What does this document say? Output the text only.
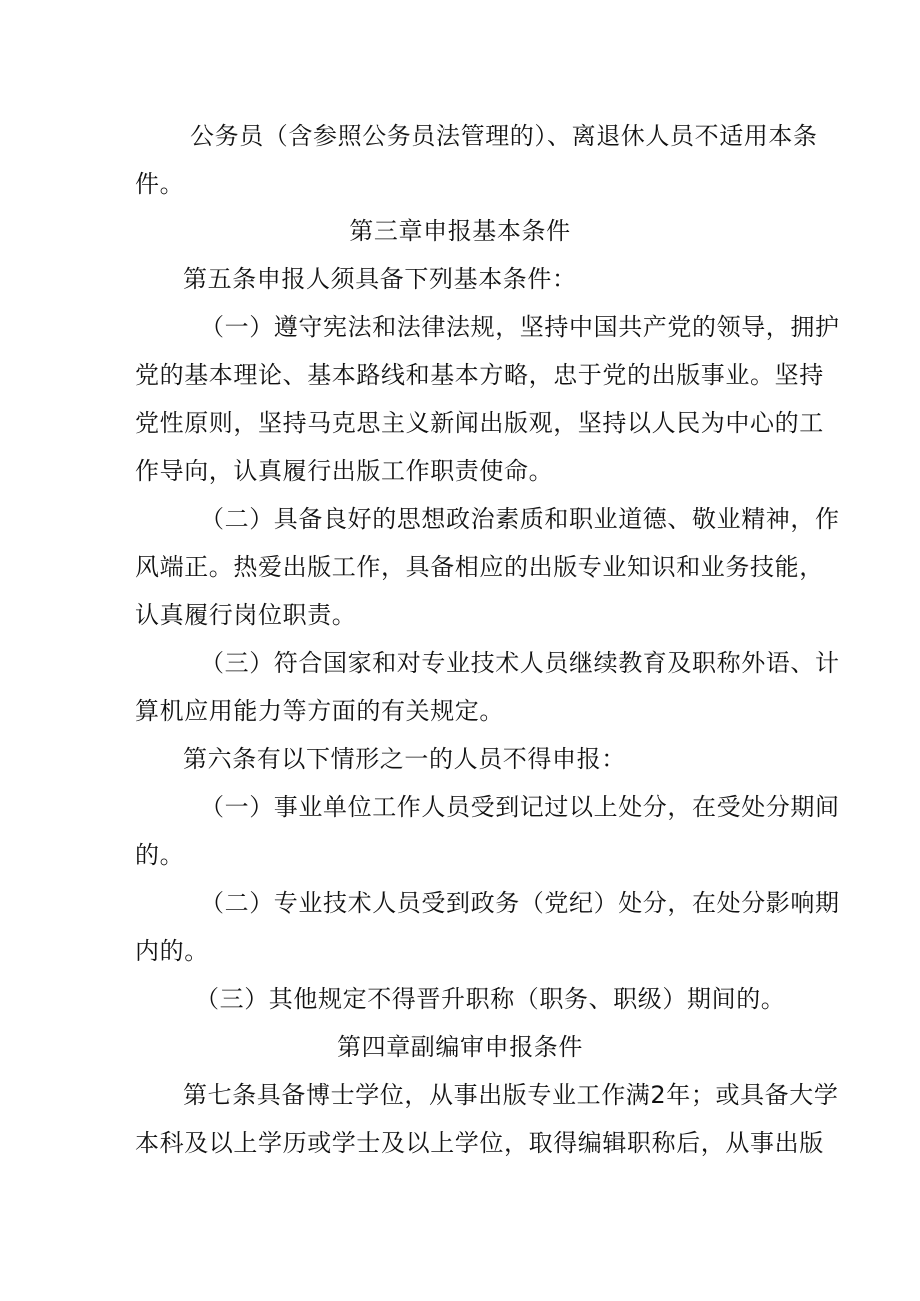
公务员（含参照公务员法管理的）、离退休人员不适用本条
件。
第三章申报基本条件
第五条申报人须具备下列基本条件：
（一）遵守宪法和法律法规，坚持中国共产党的领导，拥护
党的基本理论、基本路线和基本方略，忠于党的出版事业。坚持
党性原则，坚持马克思主义新闻出版观，坚持以人民为中心的工
作导向，认真履行出版工作职责使命。
（二）具备良好的思想政治素质和职业道德、敬业精神，作
风端正。热爱出版工作，具备相应的出版专业知识和业务技能，
认真履行岗位职责。
（三）符合国家和对专业技术人员继续教育及职称外语、计
算机应用能力等方面的有关规定。
第六条有以下情形之一的人员不得申报：
（一）事业单位工作人员受到记过以上处分，在受处分期间
的。
（二）专业技术人员受到政务（党纪）处分，在处分影响期
内的。
（三）其他规定不得晋升职称（职务、职级）期间的。
第四章副编审申报条件
第七条具备博士学位，从事出版专业工作满2年；或具备大学
本科及以上学历或学士及以上学位，取得编辑职称后，从事出版
